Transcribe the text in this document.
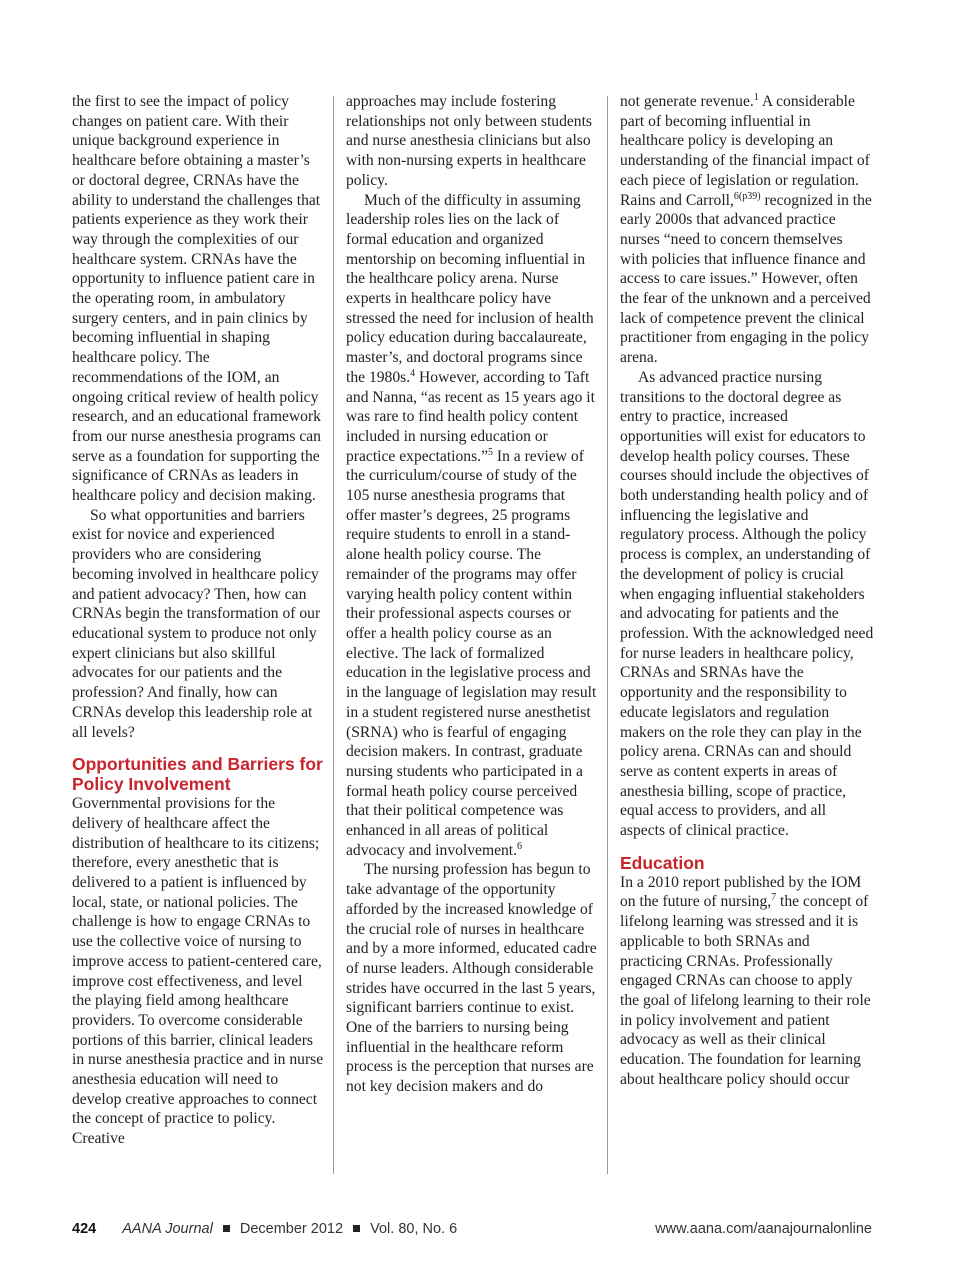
the first to see the impact of policy changes on patient care. With their unique background experience in healthcare before obtaining a master’s or doctoral degree, CRNAs have the ability to understand the challenges that patients experience as they work their way through the complexities of our healthcare system. CRNAs have the opportunity to influence patient care in the operating room, in ambulatory surgery centers, and in pain clinics by becoming influential in shaping healthcare policy. The recommendations of the IOM, an ongoing critical review of health policy research, and an educational framework from our nurse anesthesia programs can serve as a foundation for supporting the significance of CRNAs as leaders in healthcare policy and decision making.

So what opportunities and barriers exist for novice and experienced providers who are considering becoming involved in healthcare policy and patient advocacy? Then, how can CRNAs begin the transformation of our educational system to produce not only expert clinicians but also skillful advocates for our patients and the profession? And finally, how can CRNAs develop this leadership role at all levels?

Opportunities and Barriers for Policy Involvement

Governmental provisions for the delivery of healthcare affect the distribution of healthcare to its citizens; therefore, every anesthetic that is delivered to a patient is influenced by local, state, or national policies. The challenge is how to engage CRNAs to use the collective voice of nursing to improve access to patient-centered care, improve cost effectiveness, and level the playing field among healthcare providers. To overcome considerable portions of this barrier, clinical leaders in nurse anesthesia practice and in nurse anesthesia education will need to develop creative approaches to connect the concept of practice to policy. Creative

approaches may include fostering relationships not only between students and nurse anesthesia clinicians but also with non-nursing experts in healthcare policy.

Much of the difficulty in assuming leadership roles lies on the lack of formal education and organized mentorship on becoming influential in the healthcare policy arena. Nurse experts in healthcare policy have stressed the need for inclusion of health policy education during baccalaureate, master’s, and doctoral programs since the 1980s.$^4$ However, according to Taft and Nanna, “as recent as 15 years ago it was rare to find health policy content included in nursing education or practice expectations.”$^5$ In a review of the curriculum/course of study of the 105 nurse anesthesia programs that offer master’s degrees, 25 programs require students to enroll in a stand-alone health policy course. The remainder of the programs may offer varying health policy content within their professional aspects courses or offer a health policy course as an elective. The lack of formalized education in the legislative process and in the language of legislation may result in a student registered nurse anesthetist (SRNA) who is fearful of engaging decision makers. In contrast, graduate nursing students who participated in a formal heath policy course perceived that their political competence was enhanced in all areas of political advocacy and involvement.$^6$

The nursing profession has begun to take advantage of the opportunity afforded by the increased knowledge of the crucial role of nurses in healthcare and by a more informed, educated cadre of nurse leaders. Although considerable strides have occurred in the last 5 years, significant barriers continue to exist. One of the barriers to nursing being influential in the healthcare reform process is the perception that nurses are not key decision makers and do

not generate revenue.$^1$ A considerable part of becoming influential in healthcare policy is developing an understanding of the financial impact of each piece of legislation or regulation. Rains and Carroll,$^{6(p39)}$ recognized in the early 2000s that advanced practice nurses “need to concern themselves with policies that influence finance and access to care issues.” However, often the fear of the unknown and a perceived lack of competence prevent the clinical practitioner from engaging in the policy arena.

As advanced practice nursing transitions to the doctoral degree as entry to practice, increased opportunities will exist for educators to develop health policy courses. These courses should include the objectives of both understanding health policy and of influencing the legislative and regulatory process. Although the policy process is complex, an understanding of the development of policy is crucial when engaging influential stakeholders and advocating for patients and the profession. With the acknowledged need for nurse leaders in healthcare policy, CRNAs and SRNAs have the opportunity and the responsibility to educate legislators and regulation makers on the role they can play in the policy arena. CRNAs can and should serve as content experts in areas of anesthesia billing, scope of practice, equal access to providers, and all aspects of clinical practice.

Education

In a 2010 report published by the IOM on the future of nursing,$^7$ the concept of lifelong learning was stressed and it is applicable to both SRNAs and practicing CRNAs. Professionally engaged CRNAs can choose to apply the goal of lifelong learning to their role in policy involvement and patient advocacy as well as their clinical education. The foundation for learning about healthcare policy should occur

424 AANA Journal December 2012 Vol. 80, No. 6	www.aana.com/aanajournalonline
